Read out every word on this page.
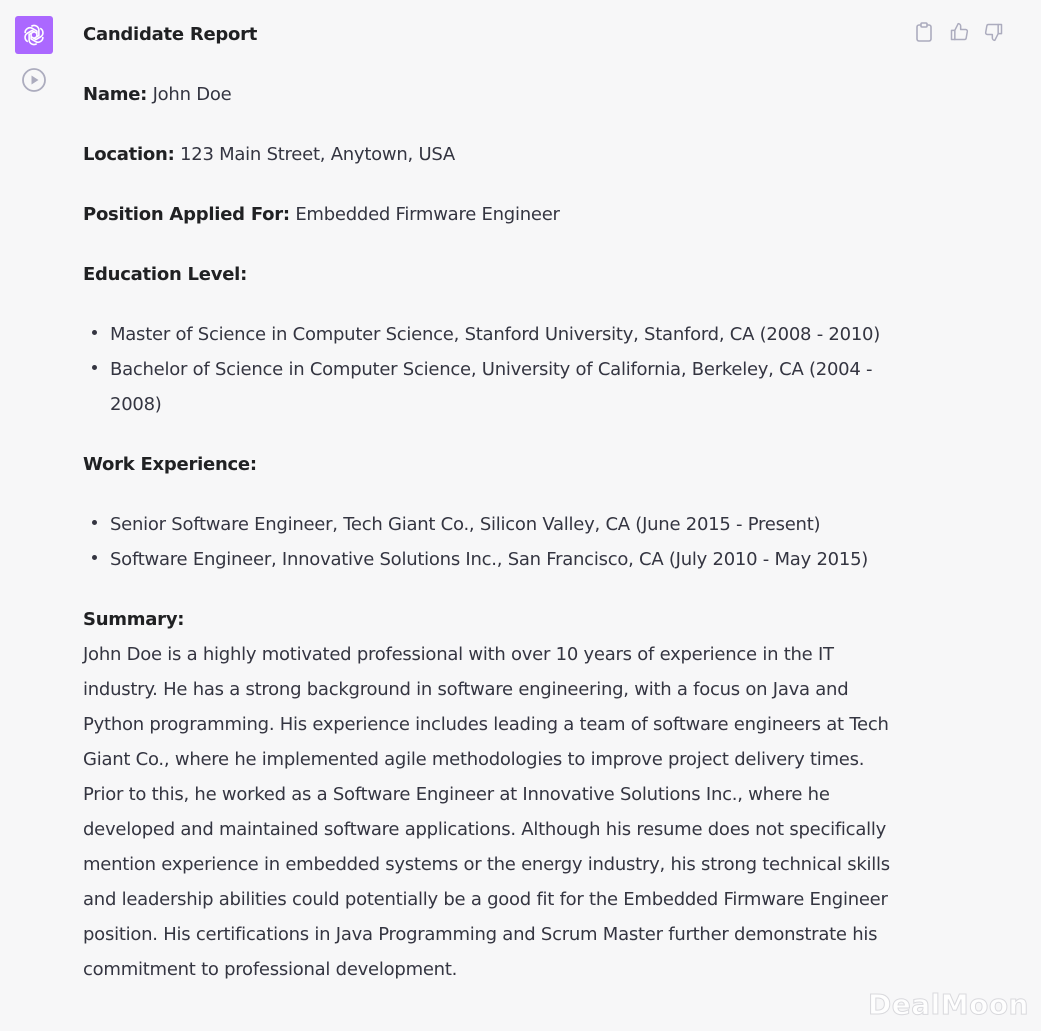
Candidate Report

Name: John Doe

Location: 123 Main Street, Anytown, USA

Position Applied For: Embedded Firmware Engineer

Education Level:

Master of Science in Computer Science, Stanford University, Stanford, CA (2008 - 2010)
Bachelor of Science in Computer Science, University of California, Berkeley, CA (2004 - 2008)

Work Experience:

Senior Software Engineer, Tech Giant Co., Silicon Valley, CA (June 2015 - Present)
Software Engineer, Innovative Solutions Inc., San Francisco, CA (July 2010 - May 2015)

Summary:

John Doe is a highly motivated professional with over 10 years of experience in the IT industry. He has a strong background in software engineering, with a focus on Java and Python programming. His experience includes leading a team of software engineers at Tech Giant Co., where he implemented agile methodologies to improve project delivery times. Prior to this, he worked as a Software Engineer at Innovative Solutions Inc., where he developed and maintained software applications. Although his resume does not specifically mention experience in embedded systems or the energy industry, his strong technical skills and leadership abilities could potentially be a good fit for the Embedded Firmware Engineer position. His certifications in Java Programming and Scrum Master further demonstrate his commitment to professional development.

DealMoon
